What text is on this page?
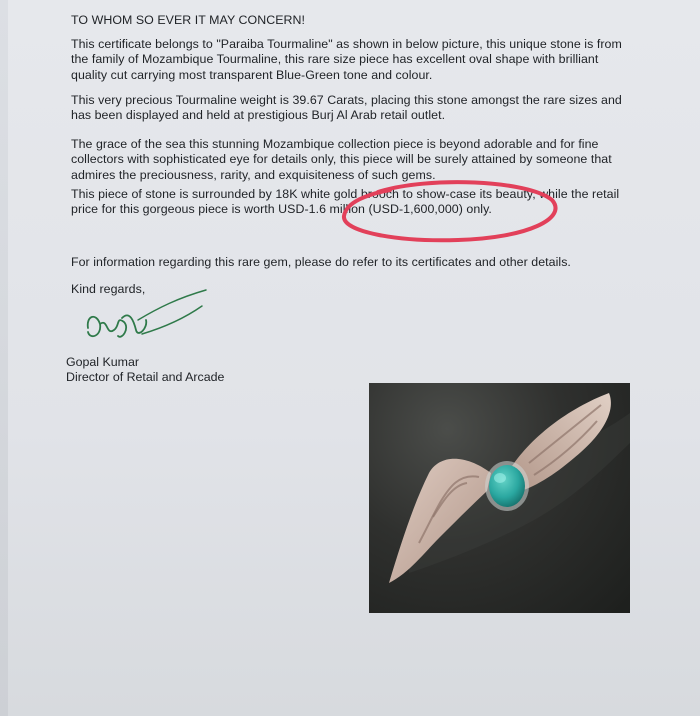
TO WHOM SO EVER IT MAY CONCERN!

This certificate belongs to "Paraiba Tourmaline" as shown in below picture, this unique stone is from the family of Mozambique Tourmaline, this rare size piece has excellent oval shape with brilliant quality cut carrying most transparent Blue-Green tone and colour.

This very precious Tourmaline weight is 39.67 Carats, placing this stone amongst the rare sizes and has been displayed and held at prestigious Burj Al Arab retail outlet.

The grace of the sea this stunning Mozambique collection piece is beyond adorable and for fine collectors with sophisticated eye for details only, this piece will be surely attained by someone that admires the preciousness, rarity, and exquisiteness of such gems.

This piece of stone is surrounded by 18K white gold brooch to show-case its beauty, while the retail price for this gorgeous piece is worth USD-1.6 million (USD-1,600,000) only.

For information regarding this rare gem, please do refer to its certificates and other details.

Kind regards,
Gopal Kumar
Director of Retail and Arcade
